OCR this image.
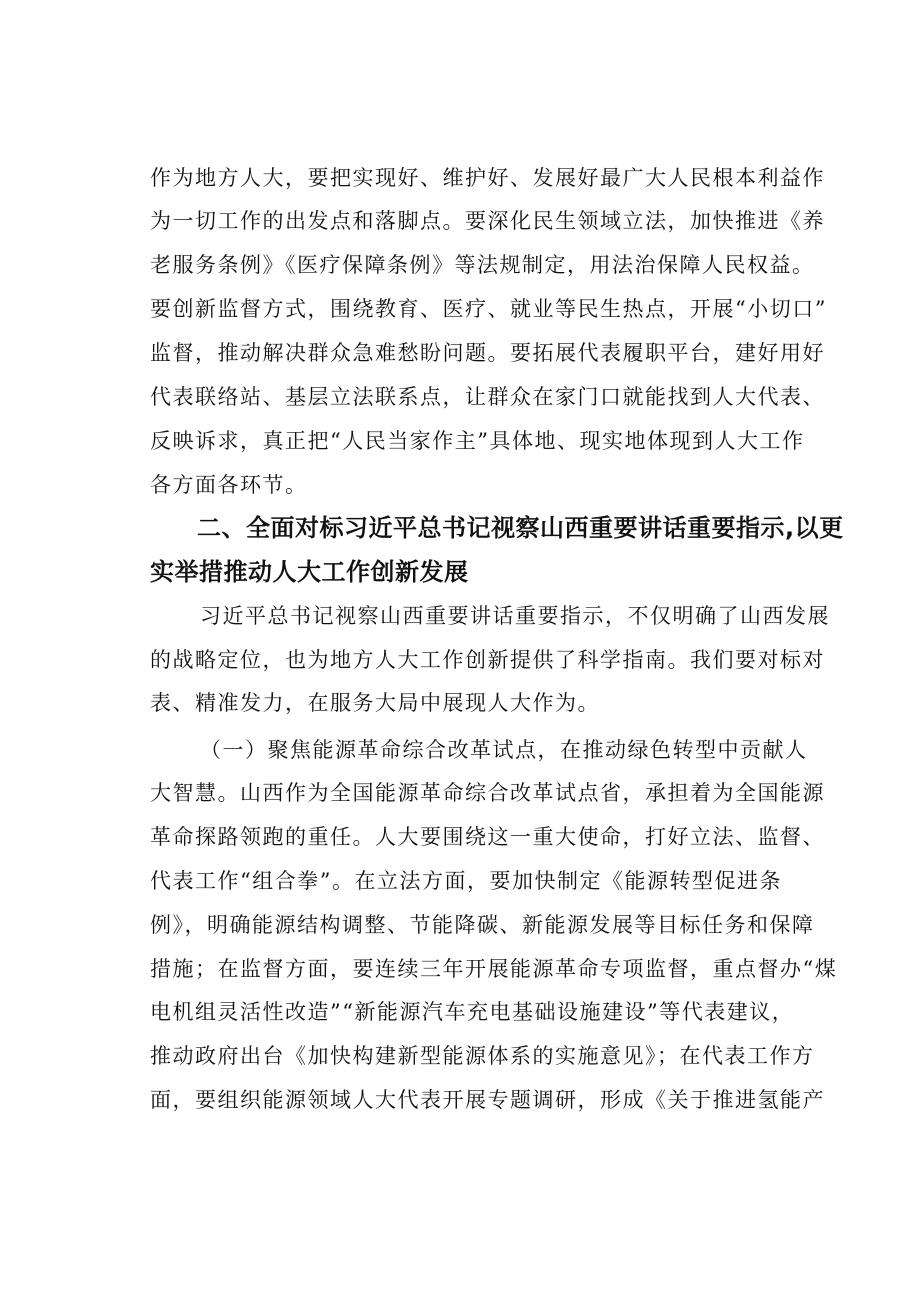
作为地方人大，要把实现好、维护好、发展好最广大人民根本利益作
为一切工作的出发点和落脚点。要深化民生领域立法，加快推进《养
老服务条例》《医疗保障条例》等法规制定，用法治保障人民权益。
要创新监督方式，围绕教育、医疗、就业等民生热点，开展“小切口”
监督，推动解决群众急难愁盼问题。要拓展代表履职平台，建好用好
代表联络站、基层立法联系点，让群众在家门口就能找到人大代表、
反映诉求，真正把“人民当家作主”具体地、现实地体现到人大工作
各方面各环节。
二、全面对标习近平总书记视察山西重要讲话重要指示,以更
实举措推动人大工作创新发展
习近平总书记视察山西重要讲话重要指示，不仅明确了山西发展
的战略定位，也为地方人大工作创新提供了科学指南。我们要对标对
表、精准发力，在服务大局中展现人大作为。
（一）聚焦能源革命综合改革试点，在推动绿色转型中贡献人
大智慧。山西作为全国能源革命综合改革试点省，承担着为全国能源
革命探路领跑的重任。人大要围绕这一重大使命，打好立法、监督、
代表工作“组合拳”。在立法方面，要加快制定《能源转型促进条
例》，明确能源结构调整、节能降碳、新能源发展等目标任务和保障
措施；在监督方面，要连续三年开展能源革命专项监督，重点督办“煤
电机组灵活性改造”“新能源汽车充电基础设施建设”等代表建议，
推动政府出台《加快构建新型能源体系的实施意见》；在代表工作方
面，要组织能源领域人大代表开展专题调研，形成《关于推进氢能产
